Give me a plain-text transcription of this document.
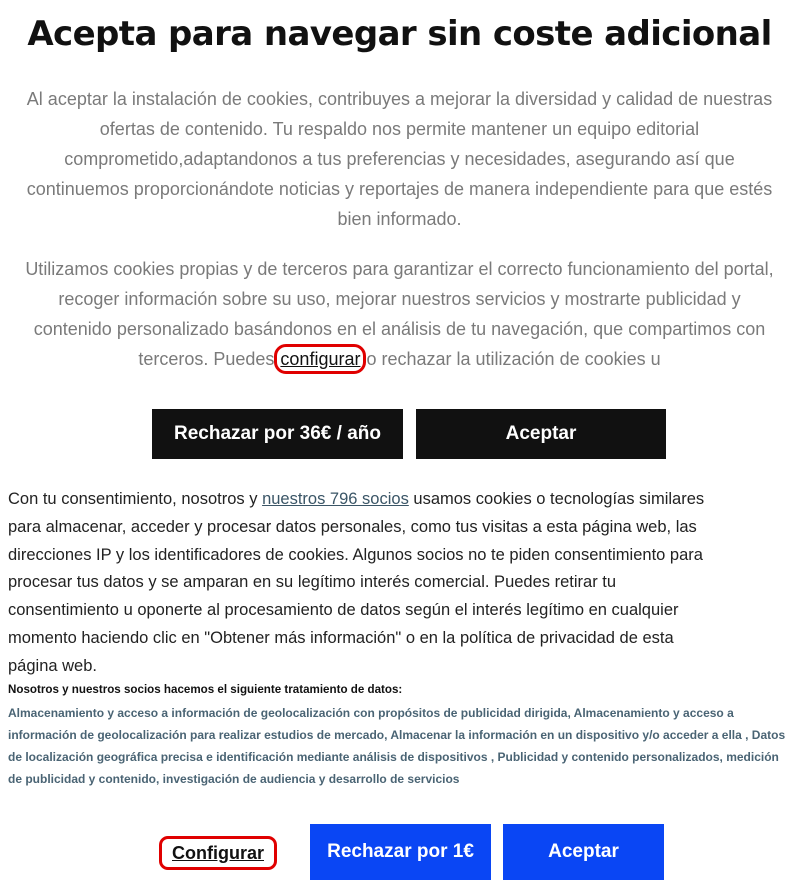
Acepta para navegar sin coste adicional

Al aceptar la instalación de cookies, contribuyes a mejorar la diversidad y calidad de nuestras ofertas de contenido. Tu respaldo nos permite mantener un equipo editorial comprometido,adaptandonos a tus preferencias y necesidades, asegurando así que continuemos proporcionándote noticias y reportajes de manera independiente para que estés bien informado.

Utilizamos cookies propias y de terceros para garantizar el correcto funcionamiento del portal, recoger información sobre su uso, mejorar nuestros servicios y mostrarte publicidad y contenido personalizado basándonos en el análisis de tu navegación, que compartimos con terceros. Puedes configurar o rechazar la utilización de cookies u

Rechazar por 36€ / año	Aceptar

Con tu consentimiento, nosotros y nuestros 796 socios usamos cookies o tecnologías similares para almacenar, acceder y procesar datos personales, como tus visitas a esta página web, las direcciones IP y los identificadores de cookies. Algunos socios no te piden consentimiento para procesar tus datos y se amparan en su legítimo interés comercial. Puedes retirar tu consentimiento u oponerte al procesamiento de datos según el interés legítimo en cualquier momento haciendo clic en "Obtener más información" o en la política de privacidad de esta página web.

Nosotros y nuestros socios hacemos el siguiente tratamiento de datos:

Almacenamiento y acceso a información de geolocalización con propósitos de publicidad dirigida, Almacenamiento y acceso a información de geolocalización para realizar estudios de mercado, Almacenar la información en un dispositivo y/o acceder a ella , Datos de localización geográfica precisa e identificación mediante análisis de dispositivos , Publicidad y contenido personalizados, medición de publicidad y contenido, investigación de audiencia y desarrollo de servicios

Configurar	Rechazar por 1€	Aceptar
